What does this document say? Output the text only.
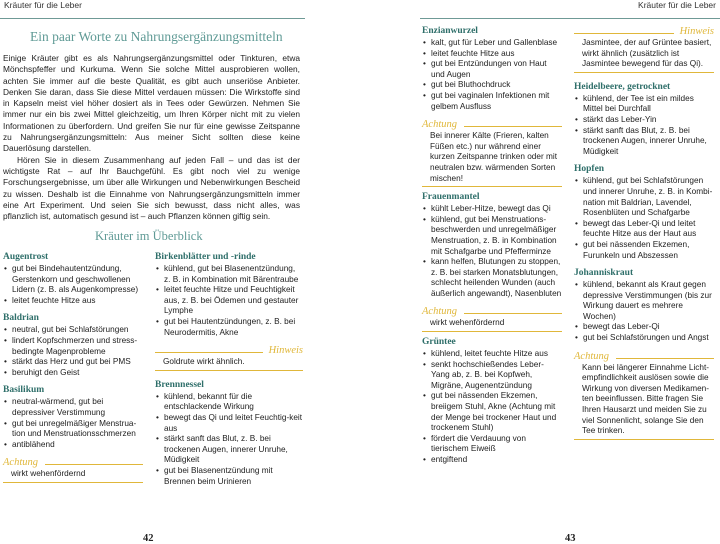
Kräuter für die Leber
Ein paar Worte zu Nahrungsergänzungsmitteln

Einige Kräuter gibt es als Nahrungsergänzungsmittel oder Tinkturen, etwa Mönchspfeffer und Kurkuma. Wenn Sie solche Mittel ausprobieren wollen, achten Sie immer auf die beste Qualität, es gibt auch unseriöse Anbieter. Denken Sie daran, dass Sie diese Mittel verdauen müssen: Die Wirkstoffe sind in Kapseln meist viel höher dosiert als in Tees oder Gewürzen. Nehmen Sie immer nur ein bis zwei Mittel gleichzeitig, um Ihren Körper nicht mit zu vielen Informationen zu überfordern. Und greifen Sie nur für eine gewisse Zeitspanne zu Nahrungsergänzungsmitteln: Aus meiner Sicht sollten diese keine Dauerlösung darstellen.

Hören Sie in diesem Zusammenhang auf jeden Fall – und das ist der wichtigste Rat – auf Ihr Bauchgefühl. Es gibt noch viel zu wenige Forschungsergebnisse, um über alle Wirkungen und Nebenwirkungen Bescheid zu wissen. Deshalb ist die Einnahme von Nahrungsergänzungsmitteln immer eine Art Experiment. Und seien Sie sich bewusst, dass nicht alles, was pflanzlich ist, automatisch gesund ist – auch Pflanzen können giftig sein.

Kräuter im Überblick
Augentrost
• gut bei Bindehautentzündung, Gerstenkorn und geschwollenen Lidern (z. B. als Augenkompresse)
• leitet feuchte Hitze aus
Baldrian
• neutral, gut bei Schlafstörungen
• lindert Kopfschmerzen und stress-bedingte Magenprobleme
• stärkt das Herz und gut bei PMS
• beruhigt den Geist
Basilikum
• neutral-wärmend, gut bei depressiver Verstimmung
• gut bei unregelmäßiger Menstrua-tion und Menstruationsschmerzen
• antiblähend
Achtung
wirkt wehenfördernd
Birkenblätter und -rinde
• kühlend, gut bei Blasenentzündung, z. B. in Kombination mit Bärentraube
• leitet feuchte Hitze und Feuchtigkeit aus, z. B. bei Ödemen und gestauter Lymphe
• gut bei Hautentzündungen, z. B. bei Neurodermitis, Akne
Hinweis
Goldrute wirkt ähnlich.
Brennnessel
• kühlend, bekannt für die entschlackende Wirkung
• bewegt das Qi und leitet Feuchtig-keit aus
• stärkt sanft das Blut, z. B. bei trockenen Augen, innerer Unruhe, Müdigkeit
• gut bei Blasenentzündung mit Brennen beim Urinieren
42
Kräuter für die Leber
Enzianwurzel
• kalt, gut für Leber und Gallenblase
• leitet feuchte Hitze aus
• gut bei Entzündungen von Haut und Augen
• gut bei Bluthochdruck
• gut bei vaginalen Infektionen mit gelbem Ausfluss
Achtung
Bei innerer Kälte (Frieren, kalten Füßen etc.) nur während einer kurzen Zeitspanne trinken oder mit neutralen bzw. wärmenden Sorten mischen!
Frauenmantel
• kühlt Leber-Hitze, bewegt das Qi
• kühlend, gut bei Menstruations-beschwerden und unregelmäßiger Menstruation, z. B. in Kombination mit Schafgarbe und Pfefferminze
• kann helfen, Blutungen zu stoppen, z. B. bei starken Monatsblutungen, schlecht heilenden Wunden (auch äußerlich angewandt), Nasenbluten
Achtung
wirkt wehenfördernd
Grüntee
• kühlend, leitet feuchte Hitze aus
• senkt hochschießendes Leber-Yang ab, z. B. bei Kopfweh, Migräne, Augenentzündung
• gut bei nässenden Ekzemen, breiigem Stuhl, Akne (Achtung mit der Menge bei trockener Haut und trockenem Stuhl)
• fördert die Verdauung von tierischem Eiweiß
• entgiftend
Hinweis
Jasmintee, der auf Grüntee basiert, wirkt ähnlich (zusätzlich ist Jasmintee bewegend für das Qi).
Heidelbeere, getrocknet
• kühlend, der Tee ist ein mildes Mittel bei Durchfall
• stärkt das Leber-Yin
• stärkt sanft das Blut, z. B. bei trockenen Augen, innerer Unruhe, Müdigkeit
Hopfen
• kühlend, gut bei Schlafstörungen und innerer Unruhe, z. B. in Kombi-nation mit Baldrian, Lavendel, Rosenblüten und Schafgarbe
• bewegt das Leber-Qi und leitet feuchte Hitze aus der Haut aus
• gut bei nässenden Ekzemen, Furunkeln und Abszessen
Johanniskraut
• kühlend, bekannt als Kraut gegen depressive Verstimmungen (bis zur Wirkung dauert es mehrere Wochen)
• bewegt das Leber-Qi
• gut bei Schlafstörungen und Angst
Achtung
Kann bei längerer Einnahme Licht-empfindlichkeit auslösen sowie die Wirkung von diversen Medikamen-ten beeinflussen. Bitte fragen Sie Ihren Hausarzt und meiden Sie zu viel Sonnenlicht, solange Sie den Tee trinken.
43
